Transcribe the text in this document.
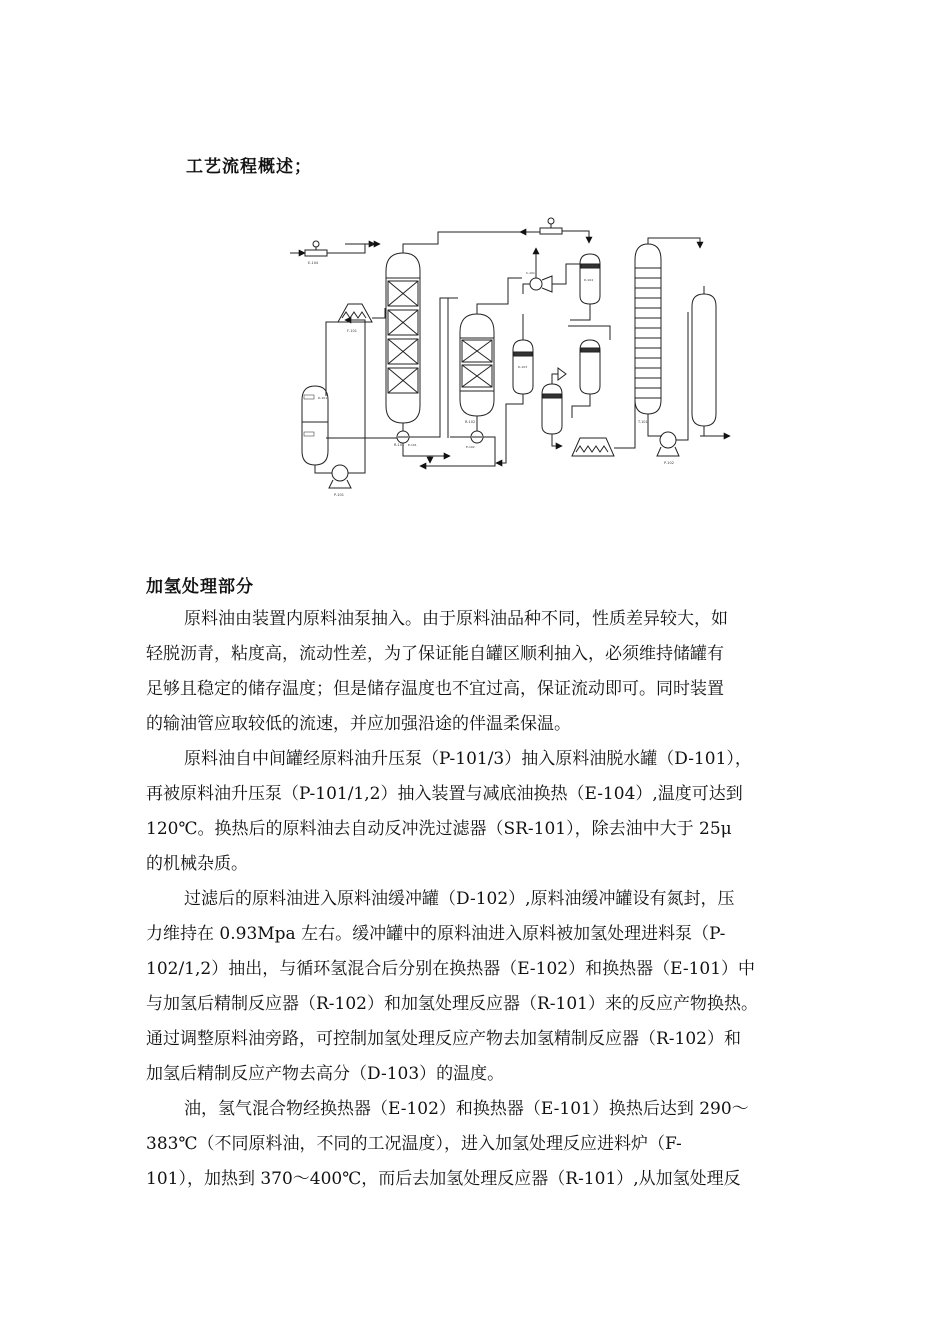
工艺流程概述；
D-101
P-101
E-104
F-101
R-101 E-101
R-102
E-102
D-103
C-101
D-104
T-101
P-102
加氢处理部分
原料油由装置内原料油泵抽入。由于原料油品种不同，性质差异较大，如
轻脱沥青，粘度高，流动性差，为了保证能自罐区顺利抽入，必须维持储罐有
足够且稳定的储存温度；但是储存温度也不宜过高，保证流动即可。同时装置
的输油管应取较低的流速，并应加强沿途的伴温柔保温。
原料油自中间罐经原料油升压泵（P-101/3）抽入原料油脱水罐（D-101），
再被原料油升压泵（P-101/1,2）抽入装置与减底油换热（E-104）,温度可达到
120℃。换热后的原料油去自动反冲洗过滤器（SR-101），除去油中大于 25μ
的机械杂质。
过滤后的原料油进入原料油缓冲罐（D-102）,原料油缓冲罐设有氮封，压
力维持在 0.93Mpa 左右。缓冲罐中的原料油进入原料被加氢处理进料泵（P-
102/1,2）抽出，与循环氢混合后分别在换热器（E-102）和换热器（E-101）中
与加氢后精制反应器（R-102）和加氢处理反应器（R-101）来的反应产物换热。
通过调整原料油旁路，可控制加氢处理反应产物去加氢精制反应器（R-102）和
加氢后精制反应产物去高分（D-103）的温度。
油，氢气混合物经换热器（E-102）和换热器（E-101）换热后达到 290～
383℃（不同原料油，不同的工况温度），进入加氢处理反应进料炉（F-
101），加热到 370～400℃，而后去加氢处理反应器（R-101）,从加氢处理反
